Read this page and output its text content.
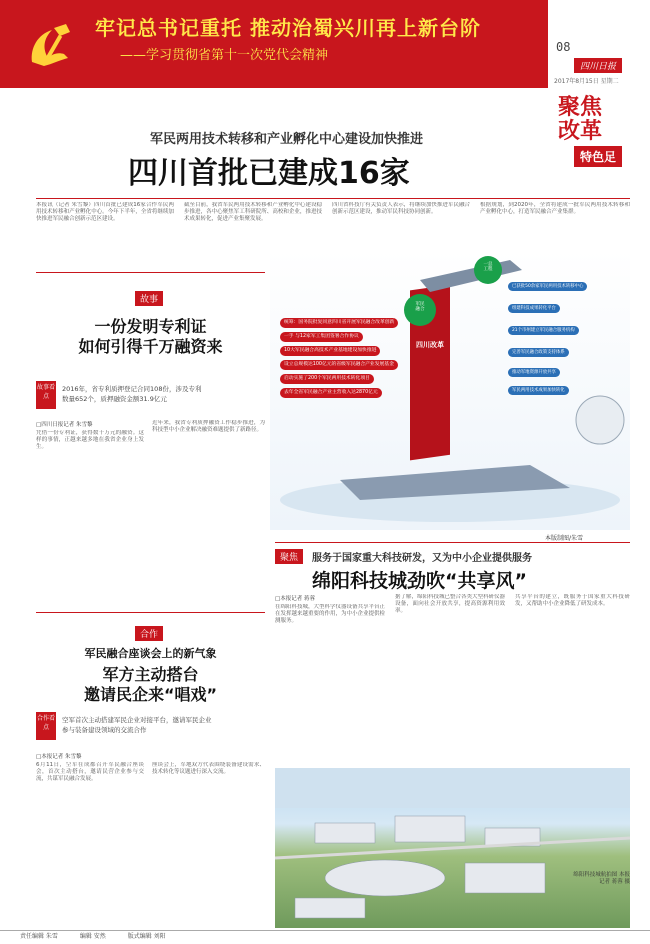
牢记总书记重托 推动治蜀兴川再上新台阶
——学习贯彻省第十一次党代会精神
08
四川日报
2017年8月15日 星期二
聚焦
改革
特色足
军民两用技术转移和产业孵化中心建设加快推进
四川首批已建成16家
本报讯（记者 朱雪黎）四川首批已建成16家合作军民两用技术转移和产业孵化中心。今年下半年，全省将继续加快推进军民融合创新示范区建设。
截至目前，我省军民两用技术转移和产业孵化中心建设稳步推进，各中心聚焦军工科研院所、高校和企业，推进技术成果转化，促进产业集聚发展。
四川省科技厅有关负责人表示，将继续加快推进军民融合创新示范区建设，推动军民科技协同创新。
根据规划，到2020年，全省将建成一批军民两用技术转移和产业孵化中心，打造军民融合产业集群。
故事
一份发明专利证
如何引得千万融资来
故事看点
2016年，省专利质押登记合同108份，涉及专利
数量652个，质押融资金额31.9亿元
□四川日报记者 朱雪黎
凭借一份专利证，获得数千万元的融资。这样的事情，正越来越多地在我省企业身上发生。
近年来，我省专利质押融资工作稳步推进，为科技型中小企业解决融资难题提供了新路径。
合作
军民融合座谈会上的新气象
军方主动搭台
邀请民企来“唱戏”
合作看点
空军首次主动搭建军民企业对接平台，邀请军民企业
参与装备建设领域的交流合作
□本报记者 朱雪黎
6月11日，空军在成都召开军民融合座谈会，首次主动搭台，邀请民营企业参与交流，共谋军民融合发展。
座谈会上，军地双方代表围绕装备建设需求、技术转化等议题进行深入交流。
四川改革
军民
融合
一总
工程
统筹：国务院批复同意四川省开展军民融合改革创新
一手 与12家军工集团签署合作协议
10大军民融合高技术产业基地建设加快推进
设立总规模达100亿元的省级军民融合产业发展基金
启动实施了200个军民两用技术转化项目
去年全省军民融合产业主营收入达2870亿元
已获批50余家军民两用技术转移中心
组建科技成果转化平台
21个市州建立军民融合服务机构
完善军民融合政策支持体系
推动军地资源开放共享
军民两用技术成果加快转化
本版制图/朱雪
聚焦	服务于国家重大科技研发，又为中小企业提供服务
绵阳科技城劲吹“共享风”
□本报记者 蒋蓉
在绵阳科技城，大型科学仪器设备共享平台正在发挥越来越重要的作用，为中小企业提供检测服务。
据了解，绵阳科技城已整合各类大型科研仪器设备，面向社会开放共享，提高资源利用效率。
共享平台的建立，既服务于国家重大科技研发，又帮助中小企业降低了研发成本。
绵阳科技城航拍图 本报记者 蒋蓉 摄
责任编辑 朱雪	编辑 安然	版式编辑 刘阳
